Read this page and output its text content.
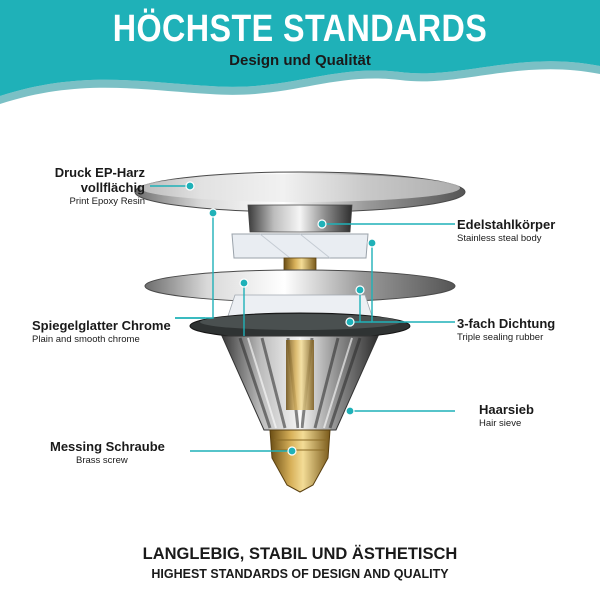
HÖCHSTE STANDARDS
Design und Qualität
Druck EP-Harz
vollflächig
Print Epoxy Resin
Edelstahlkörper
Stainless steal body
Spiegelglatter Chrome
Plain and smooth chrome
3-fach Dichtung
Triple sealing rubber
Haarsieb
Hair sieve
Messing Schraube
Brass screw
LANGLEBIG, STABIL UND ÄSTHETISCH
HIGHEST STANDARDS OF DESIGN AND QUALITY
